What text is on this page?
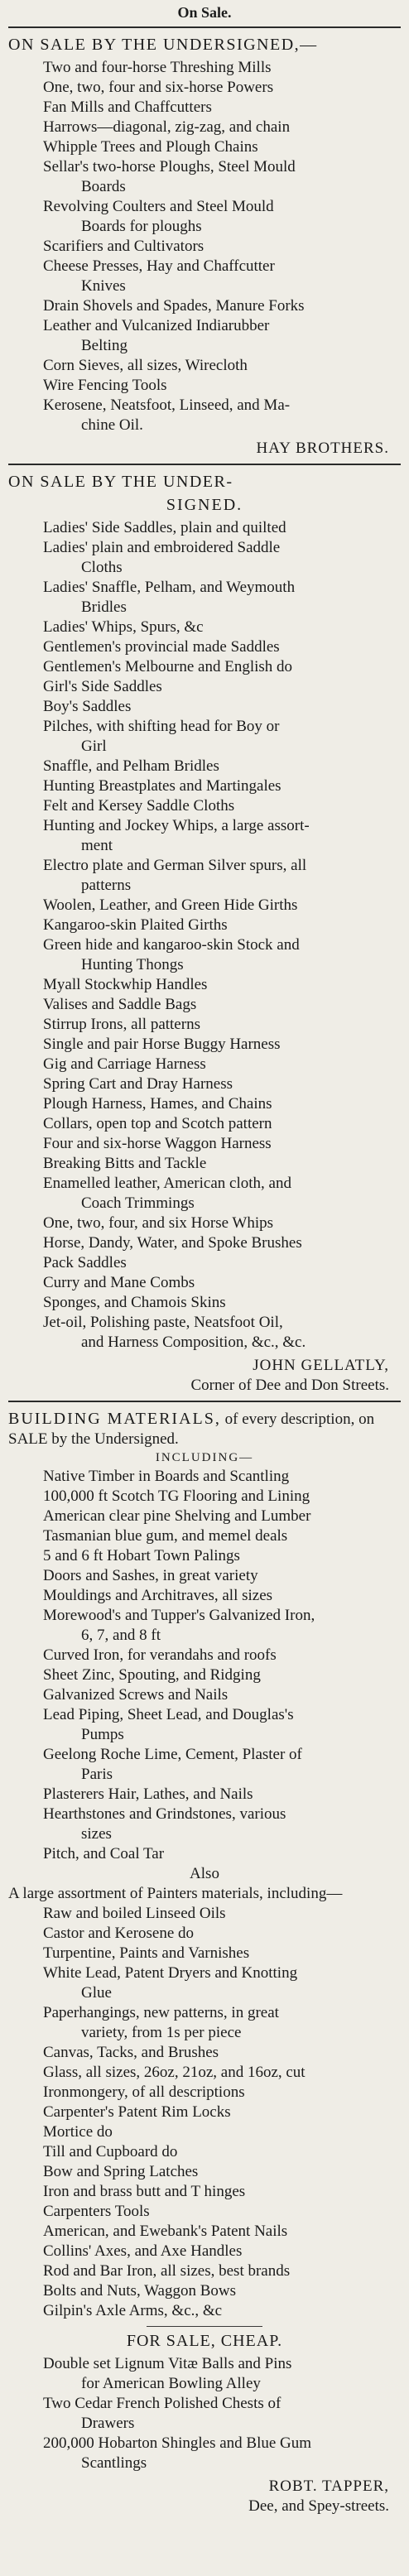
On Sale.
ON SALE BY THE UNDERSIGNED,—
Two and four-horse Threshing Mills
One, two, four and six-horse Powers
Fan Mills and Chaffcutters
Harrows—diagonal, zig-zag, and chain
Whipple Trees and Plough Chains
Sellar's two-horse Ploughs, Steel Mould
Boards
Revolving Coulters and Steel Mould
Boards for ploughs
Scarifiers and Cultivators
Cheese Presses, Hay and Chaffcutter
Knives
Drain Shovels and Spades, Manure Forks
Leather and Vulcanized Indiarubber
Belting
Corn Sieves, all sizes, Wirecloth
Wire Fencing Tools
Kerosene, Neatsfoot, Linseed, and Ma-
chine Oil.
HAY BROTHERS.
ON SALE BY THE UNDER-
SIGNED.
Ladies' Side Saddles, plain and quilted
Ladies' plain and embroidered Saddle
Cloths
Ladies' Snaffle, Pelham, and Weymouth
Bridles
Ladies' Whips, Spurs, &c
Gentlemen's provincial made Saddles
Gentlemen's Melbourne and English do
Girl's Side Saddles
Boy's Saddles
Pilches, with shifting head for Boy or
Girl
Snaffle, and Pelham Bridles
Hunting Breastplates and Martingales
Felt and Kersey Saddle Cloths
Hunting and Jockey Whips, a large assort-
ment
Electro plate and German Silver spurs, all
patterns
Woolen, Leather, and Green Hide Girths
Kangaroo-skin Plaited Girths
Green hide and kangaroo-skin Stock and
Hunting Thongs
Myall Stockwhip Handles
Valises and Saddle Bags
Stirrup Irons, all patterns
Single and pair Horse Buggy Harness
Gig and Carriage Harness
Spring Cart and Dray Harness
Plough Harness, Hames, and Chains
Collars, open top and Scotch pattern
Four and six-horse Waggon Harness
Breaking Bitts and Tackle
Enamelled leather, American cloth, and
Coach Trimmings
One, two, four, and six Horse Whips
Horse, Dandy, Water, and Spoke Brushes
Pack Saddles
Curry and Mane Combs
Sponges, and Chamois Skins
Jet-oil, Polishing paste, Neatsfoot Oil,
and Harness Composition, &c., &c.
JOHN GELLATLY,
Corner of Dee and Don Streets.
BUILDING MATERIALS, of every description, on SALE by the Undersigned.
INCLUDING—
Native Timber in Boards and Scantling
100,000 ft Scotch TG Flooring and Lining
American clear pine Shelving and Lumber
Tasmanian blue gum, and memel deals
5 and 6 ft Hobart Town Palings
Doors and Sashes, in great variety
Mouldings and Architraves, all sizes
Morewood's and Tupper's Galvanized Iron,
6, 7, and 8 ft
Curved Iron, for verandahs and roofs
Sheet Zinc, Spouting, and Ridging
Galvanized Screws and Nails
Lead Piping, Sheet Lead, and Douglas's
Pumps
Geelong Roche Lime, Cement, Plaster of
Paris
Plasterers Hair, Lathes, and Nails
Hearthstones and Grindstones, various
sizes
Pitch, and Coal Tar
Also
A large assortment of Painters materials, including—
Raw and boiled Linseed Oils
Castor and Kerosene do
Turpentine, Paints and Varnishes
White Lead, Patent Dryers and Knotting
Glue
Paperhangings, new patterns, in great
variety, from 1s per piece
Canvas, Tacks, and Brushes
Glass, all sizes, 26oz, 21oz, and 16oz, cut
Ironmongery, of all descriptions
Carpenter's Patent Rim Locks
Mortice do
Till and Cupboard do
Bow and Spring Latches
Iron and brass butt and T hinges
Carpenters Tools
American, and Ewebank's Patent Nails
Collins' Axes, and Axe Handles
Rod and Bar Iron, all sizes, best brands
Bolts and Nuts, Waggon Bows
Gilpin's Axle Arms, &c., &c
FOR SALE, CHEAP.
Double set Lignum Vitæ Balls and Pins
for American Bowling Alley
Two Cedar French Polished Chests of
Drawers
200,000 Hobarton Shingles and Blue Gum
Scantlings
ROBT. TAPPER,
Dee, and Spey-streets.
